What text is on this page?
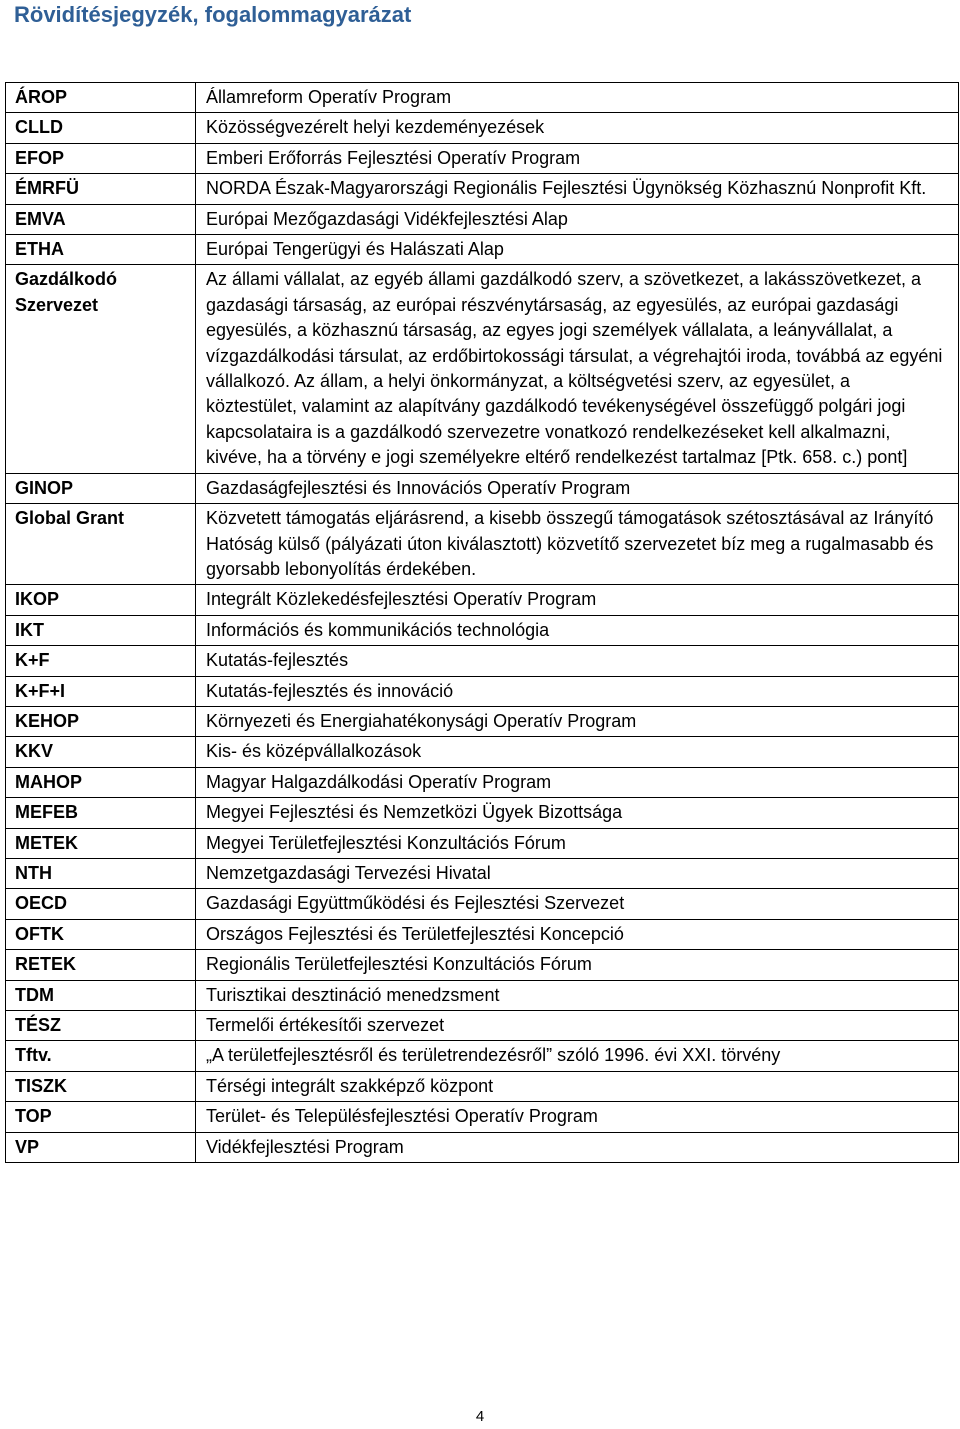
Rövidítésjegyzék, fogalommagyarázat
ÁROP	Államreform Operatív Program
CLLD	Közösségvezérelt helyi kezdeményezések
EFOP	Emberi Erőforrás Fejlesztési Operatív Program
ÉMRFÜ	NORDA Észak-Magyarországi Regionális Fejlesztési Ügynökség Közhasznú Nonprofit Kft.
EMVA	Európai Mezőgazdasági Vidékfejlesztési Alap
ETHA	Európai Tengerügyi és Halászati Alap
Gazdálkodó Szervezet	Az állami vállalat, az egyéb állami gazdálkodó szerv, a szövetkezet, a lakásszövetkezet, a gazdasági társaság, az európai részvénytársaság, az egyesülés, az európai gazdasági egyesülés, a közhasznú társaság, az egyes jogi személyek vállalata, a leányvállalat, a vízgazdálkodási társulat, az erdőbirtokossági társulat, a végrehajtói iroda, továbbá az egyéni vállalkozó. Az állam, a helyi önkormányzat, a költségvetési szerv, az egyesület, a köztestület, valamint az alapítvány gazdálkodó tevékenységével összefüggő polgári jogi kapcsolataira is a gazdálkodó szervezetre vonatkozó rendelkezéseket kell alkalmazni, kivéve, ha a törvény e jogi személyekre eltérő rendelkezést tartalmaz [Ptk. 658. c.) pont]
GINOP	Gazdaságfejlesztési és Innovációs Operatív Program
Global Grant	Közvetett támogatás eljárásrend, a kisebb összegű támogatások szétosztásával az Irányító Hatóság külső (pályázati úton kiválasztott) közvetítő szervezetet bíz meg a rugalmasabb és gyorsabb lebonyolítás érdekében.
IKOP	Integrált Közlekedésfejlesztési Operatív Program
IKT	Információs és kommunikációs technológia
K+F	Kutatás-fejlesztés
K+F+I	Kutatás-fejlesztés és innováció
KEHOP	Környezeti és Energiahatékonysági Operatív Program
KKV	Kis- és középvállalkozások
MAHOP	Magyar Halgazdálkodási Operatív Program
MEFEB	Megyei Fejlesztési és Nemzetközi Ügyek Bizottsága
METEK	Megyei Területfejlesztési Konzultációs Fórum
NTH	Nemzetgazdasági Tervezési Hivatal
OECD	Gazdasági Együttműködési és Fejlesztési Szervezet
OFTK	Országos Fejlesztési és Területfejlesztési Koncepció
RETEK	Regionális Területfejlesztési Konzultációs Fórum
TDM	Turisztikai desztináció menedzsment
TÉSZ	Termelői értékesítői szervezet
Tftv.	„A területfejlesztésről és területrendezésről” szóló 1996. évi XXI. törvény
TISZK	Térségi integrált szakképző központ
TOP	Terület- és Településfejlesztési Operatív Program
VP	Vidékfejlesztési Program
4
